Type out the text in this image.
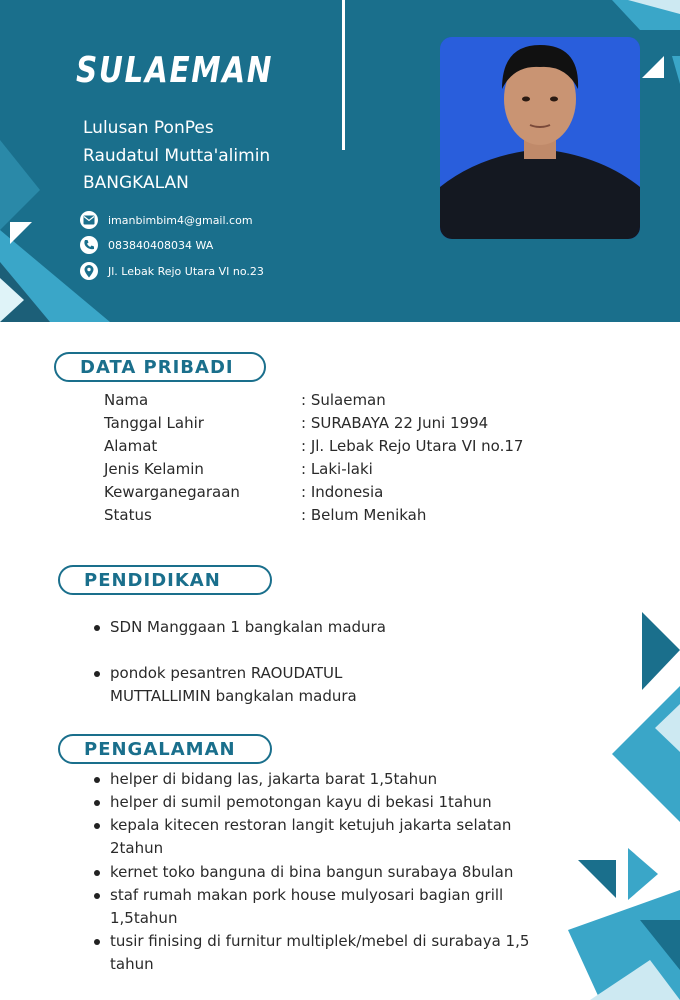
SULAEMAN
Lulusan PonPes
Raudatul Mutta'alimin
BANGKALAN
imanbimbim4@gmail.com
083840408034 WA
Jl. Lebak Rejo Utara VI no.23
DATA PRIBADI
Nama	: Sulaeman
Tanggal Lahir	: SURABAYA 22 Juni 1994
Alamat	: Jl. Lebak Rejo Utara VI no.17
Jenis Kelamin	: Laki-laki
Kewarganegaraan	: Indonesia
Status	: Belum Menikah
PENDIDIKAN
SDN Manggaan 1 bangkalan madura
pondok pesantren RAOUDATUL
MUTTALLIMIN bangkalan madura
PENGALAMAN
helper di bidang las, jakarta barat 1,5tahun
helper di sumil pemotongan kayu di bekasi 1tahun
kepala kitecen restoran langit ketujuh jakarta selatan
2tahun
kernet toko banguna di bina bangun surabaya 8bulan
staf rumah makan pork house mulyosari bagian grill
1,5tahun
tusir finising di furnitur multiplek/mebel di surabaya 1,5
tahun
